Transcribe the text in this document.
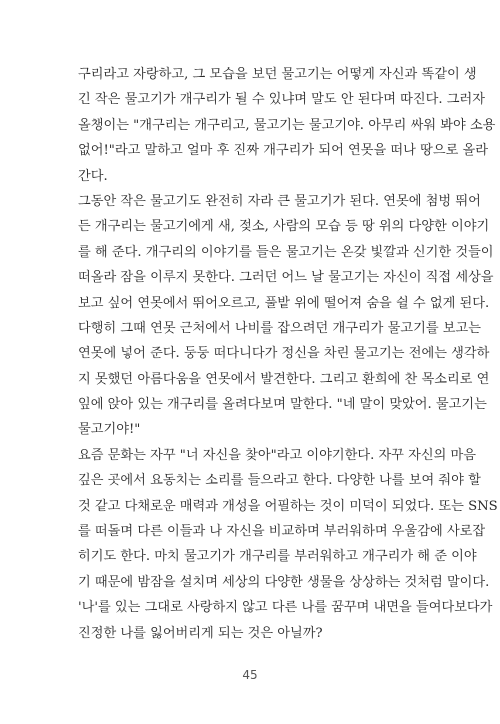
구리라고 자랑하고, 그 모습을 보던 물고기는 어떻게 자신과 똑같이 생
긴 작은 물고기가 개구리가 될 수 있냐며 말도 안 된다며 따진다. 그러자
올챙이는 "개구리는 개구리고, 물고기는 물고기야. 아무리 싸워 봐야 소용
없어!"라고 말하고 얼마 후 진짜 개구리가 되어 연못을 떠나 땅으로 올라
간다.
그동안 작은 물고기도 완전히 자라 큰 물고기가 된다. 연못에 첨벙 뛰어
든 개구리는 물고기에게 새, 젖소, 사람의 모습 등 땅 위의 다양한 이야기
를 해 준다. 개구리의 이야기를 들은 물고기는 온갖 빛깔과 신기한 것들이
떠올라 잠을 이루지 못한다. 그러던 어느 날 물고기는 자신이 직접 세상을
보고 싶어 연못에서 뛰어오르고, 풀밭 위에 떨어져 숨을 쉴 수 없게 된다.
다행히 그때 연못 근처에서 나비를 잡으려던 개구리가 물고기를 보고는
연못에 넣어 준다. 둥둥 떠다니다가 정신을 차린 물고기는 전에는 생각하
지 못했던 아름다움을 연못에서 발견한다. 그리고 환희에 찬 목소리로 연
잎에 앉아 있는 개구리를 올려다보며 말한다. "네 말이 맞았어. 물고기는
물고기야!"
요즘 문화는 자꾸 "너 자신을 찾아"라고 이야기한다. 자꾸 자신의 마음
깊은 곳에서 요동치는 소리를 들으라고 한다. 다양한 나를 보여 줘야 할
것 같고 다채로운 매력과 개성을 어필하는 것이 미덕이 되었다. 또는 SNS
를 떠돌며 다른 이들과 나 자신을 비교하며 부러워하며 우울감에 사로잡
히기도 한다. 마치 물고기가 개구리를 부러워하고 개구리가 해 준 이야
기 때문에 밤잠을 설치며 세상의 다양한 생물을 상상하는 것처럼 말이다.
'나'를 있는 그대로 사랑하지 않고 다른 나를 꿈꾸며 내면을 들여다보다가
진정한 나를 잃어버리게 되는 것은 아닐까?
45
